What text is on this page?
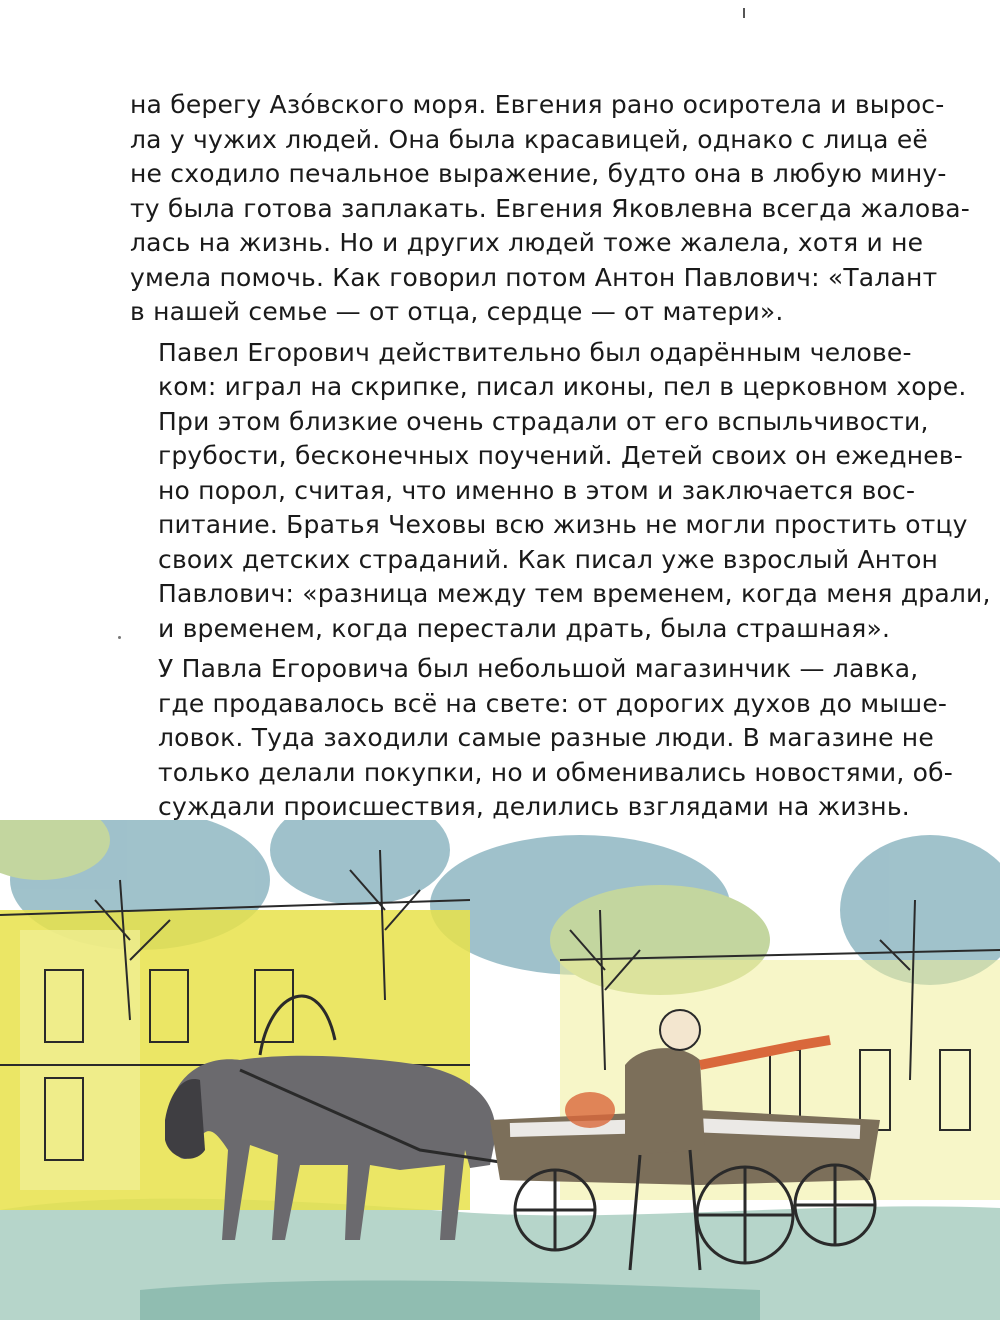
на берегу Азóвского моря. Евгения рано осиротела и вырос-
ла у чужих людей. Она была красавицей, однако с лица её
не сходило печальное выражение, будто она в любую мину-
ту была готова заплакать. Евгения Яковлевна всегда жалова-
лась на жизнь. Но и других людей тоже жалела, хотя и не
умела помочь. Как говорил потом Антон Павлович: «Талант
в нашей семье — от отца, сердце — от матери».

Павел Егорович действительно был одарённым челове-
ком: играл на скрипке, писал иконы, пел в церковном хоре.
При этом близкие очень страдали от его вспыльчивости,
грубости, бесконечных поучений. Детей своих он ежеднев-
но порол, считая, что именно в этом и заключается вос-
питание. Братья Чеховы всю жизнь не могли простить отцу
своих детских страданий. Как писал уже взрослый Антон
Павлович: «разница между тем временем, когда меня драли,
и временем, когда перестали драть, была страшная».

У Павла Егоровича был небольшой магазинчик — лавка,
где продавалось всё на свете: от дорогих духов до мыше-
ловок. Туда заходили самые разные люди. В магазине не
только делали покупки, но и обменивались новостями, об-
суждали происшествия, делились взглядами на жизнь.
